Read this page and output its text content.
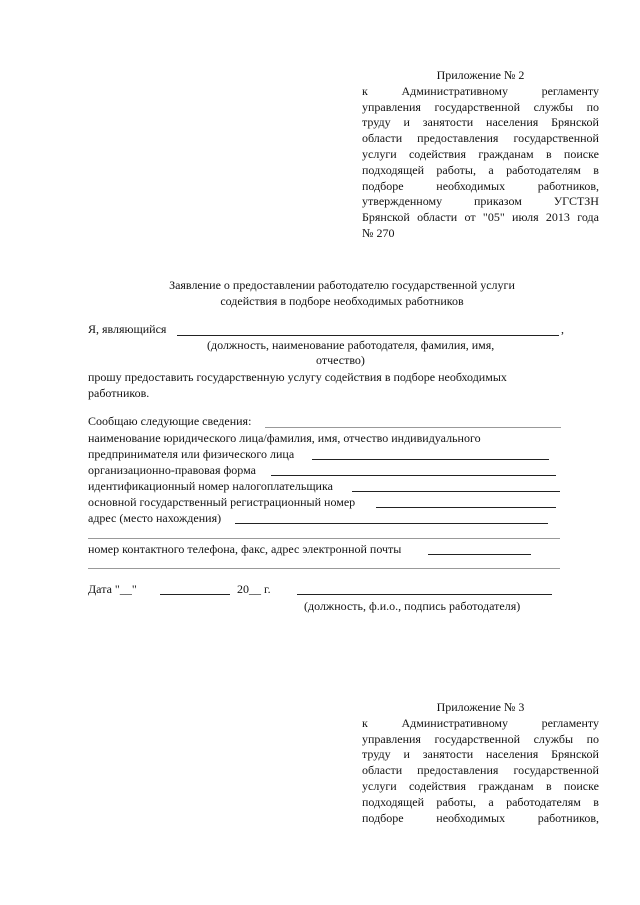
Приложение № 2
к	Административному	регламенту
управления государственной службы по
труду и занятости населения Брянской
области предоставления государственной
услуги содействия гражданам в поиске
подходящей работы, а работодателям в
подборе	необходимых	работников,
утвержденному	приказом	УГСТЗН
Брянской области от "05" июля 2013 года
№ 270
Заявление о предоставлении работодателю государственной услуги
содействия в подборе необходимых работников
Я, являющийся	,
(должность, наименование работодателя, фамилия, имя,
отчество)
прошу предоставить государственную услугу содействия в подборе необходимых
работников.
Сообщаю следующие сведения:
наименование юридического лица/фамилия, имя, отчество индивидуального
предпринимателя или физического лица
организационно-правовая форма
идентификационный номер налогоплательщика
основной государственный регистрационный номер
адрес (место нахождения)
номер контактного телефона, факс, адрес электронной почты
Дата "__"	20__ г.
(должность, ф.и.о., подпись работодателя)
Приложение № 3
к	Административному	регламенту
управления государственной службы по
труду и занятости населения Брянской
области предоставления государственной
услуги содействия гражданам в поиске
подходящей работы, а работодателям в
подборе	необходимых	работников,
